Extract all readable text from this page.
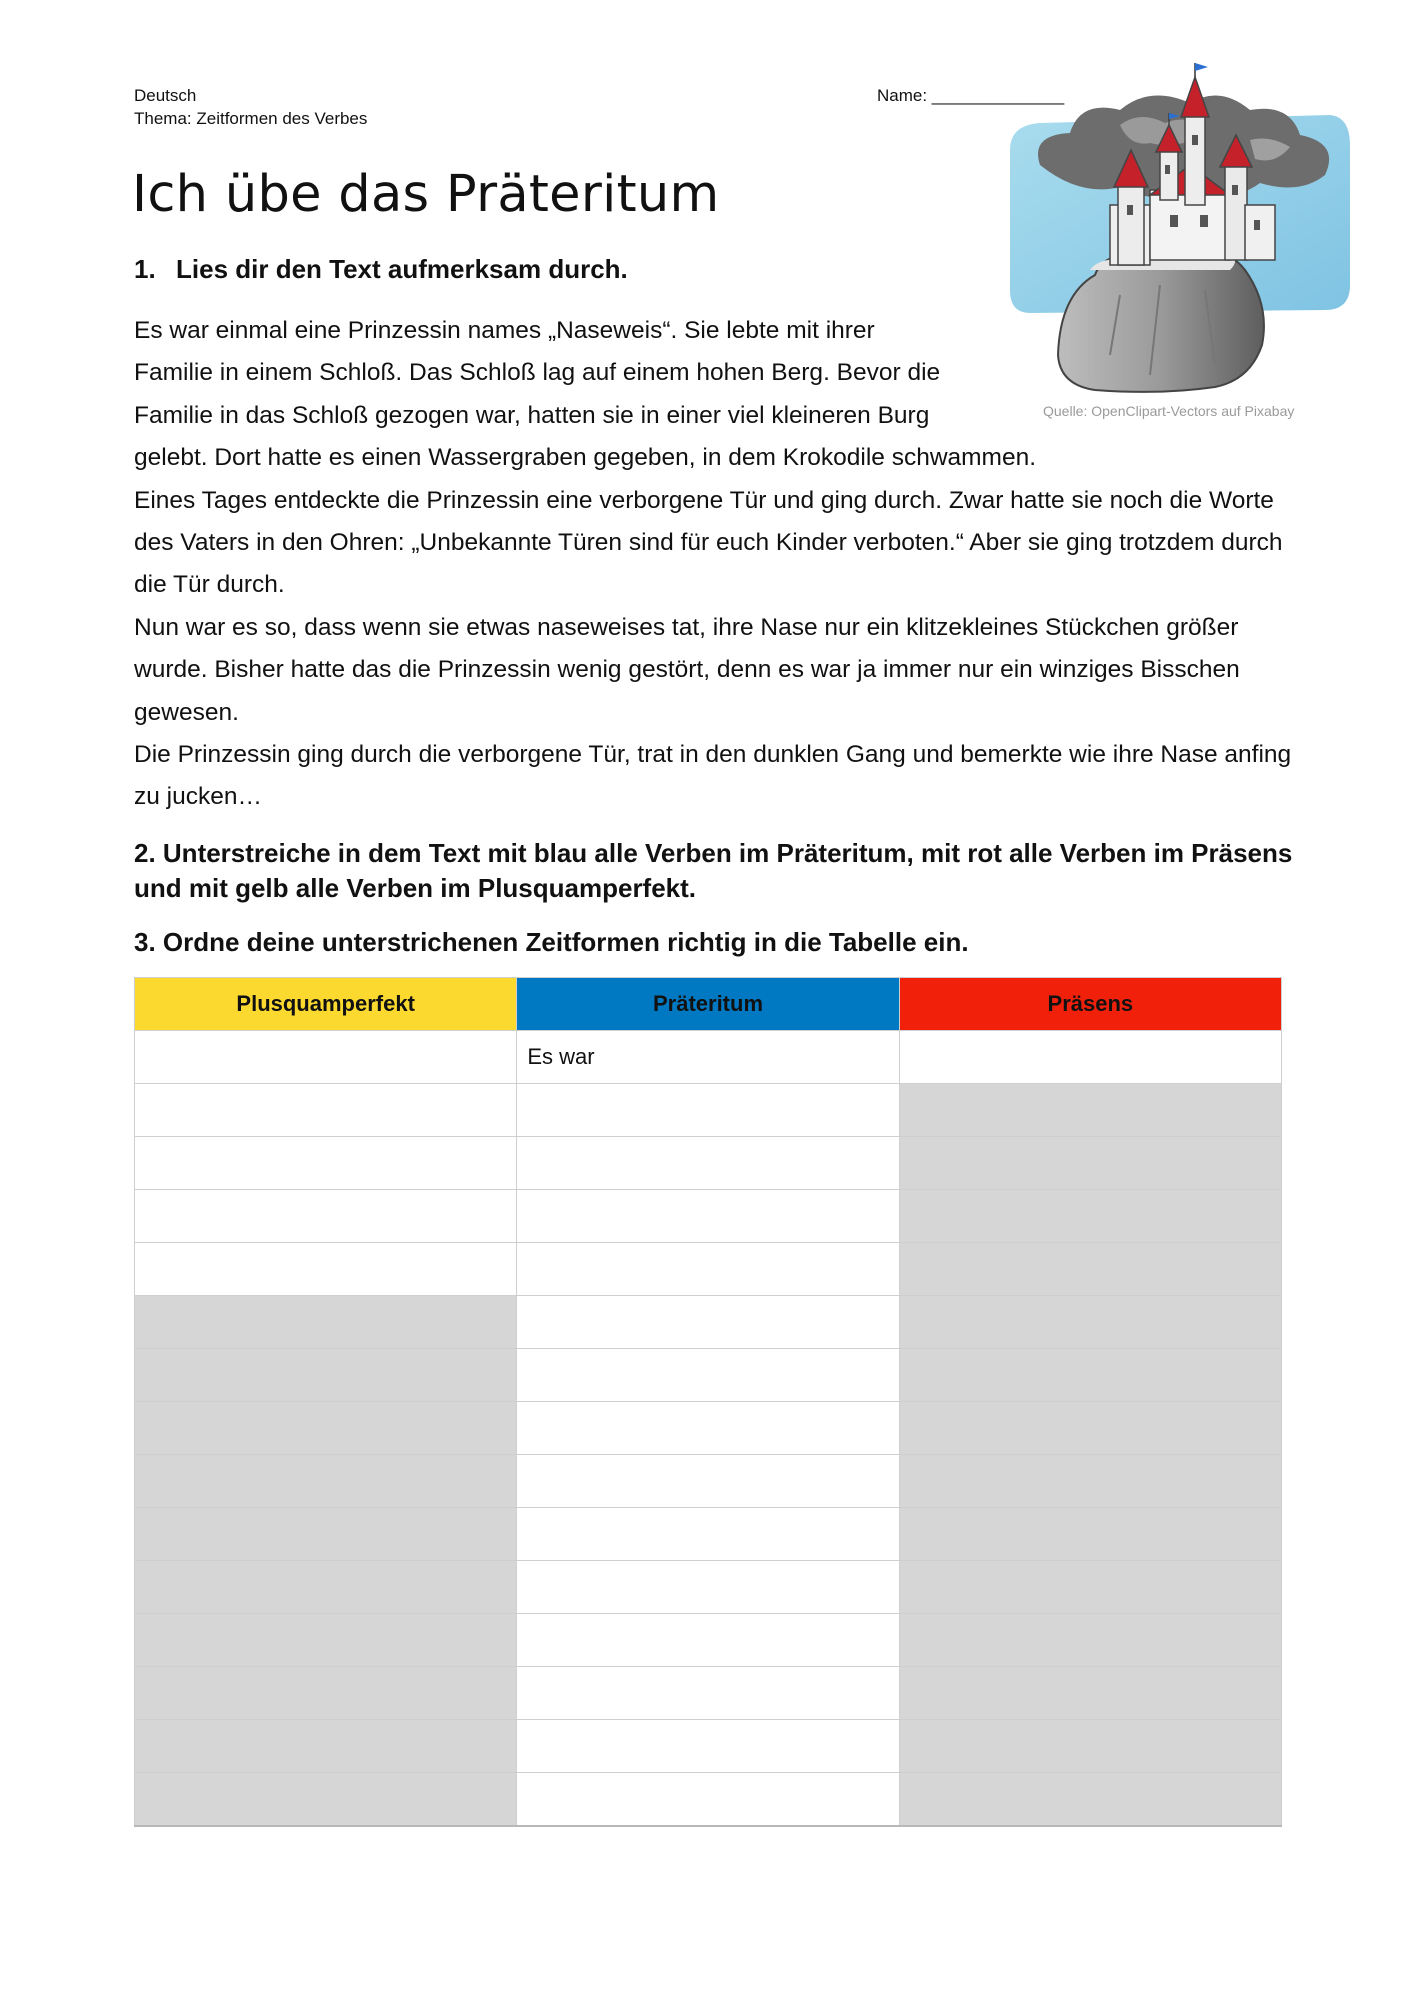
Deutsch
Thema: Zeitformen des Verbes
Name: ______________
Ich übe das Präteritum
1. Lies dir den Text aufmerksam durch.
Quelle: OpenClipart-Vectors auf Pixabay

Es war einmal eine Prinzessin names „Naseweis“. Sie lebte mit ihrer
Familie in einem Schloß. Das Schloß lag auf einem hohen Berg. Bevor die
Familie in das Schloß gezogen war, hatten sie in einer viel kleineren Burg
gelebt. Dort hatte es einen Wassergraben gegeben, in dem Krokodile schwammen.

Eines Tages entdeckte die Prinzessin eine verborgene Tür und ging durch. Zwar hatte sie noch die Worte des Vaters in den Ohren: „Unbekannte Türen sind für euch Kinder verboten.“ Aber sie ging trotzdem durch die Tür durch.

Nun war es so, dass wenn sie etwas naseweises tat, ihre Nase nur ein klitzekleines Stückchen größer wurde. Bisher hatte das die Prinzessin wenig gestört, denn es war ja immer nur ein winziges Bisschen gewesen.

Die Prinzessin ging durch die verborgene Tür, trat in den dunklen Gang und bemerkte wie ihre Nase anfing zu jucken…

2. Unterstreiche in dem Text mit blau alle Verben im Präteritum, mit rot alle Verben im Präsens und mit gelb alle Verben im Plusquamperfekt.
3. Ordne deine unterstrichenen Zeitformen richtig in die Tabelle ein.
Plusquamperfekt	Präteritum	Präsens
	Es war	
